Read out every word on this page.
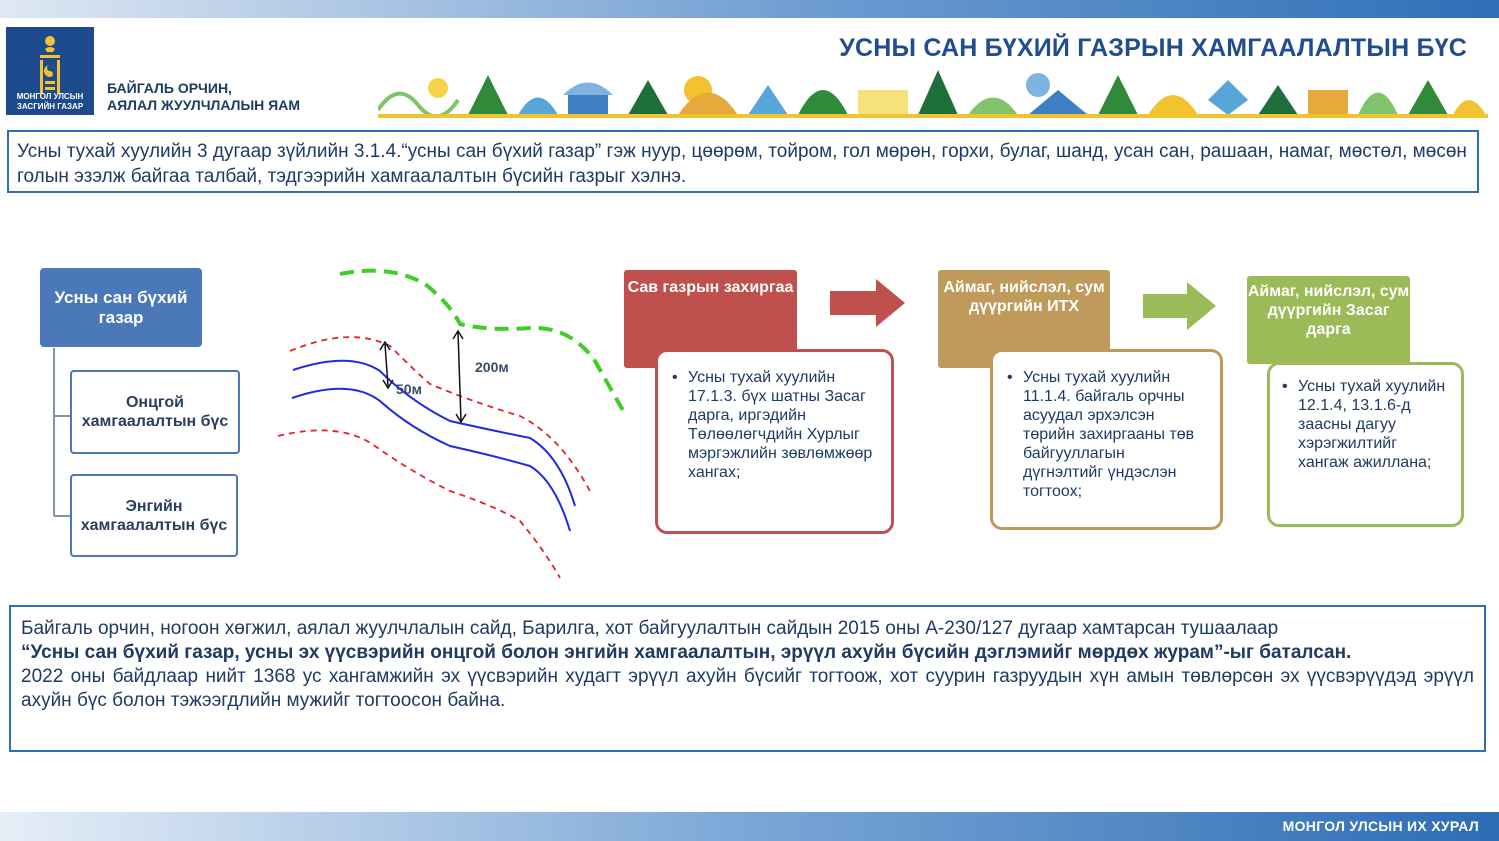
МОНГОЛ УЛСЫН
ЗАСГИЙН ГАЗАР
БАЙГАЛЬ ОРЧИН,
АЯЛАЛ ЖУУЛЧЛАЛЫН ЯАМ
УСНЫ САН БҮХИЙ ГАЗРЫН ХАМГААЛАЛТЫН БҮС
Усны тухай хуулийн 3 дугаар зүйлийн 3.1.4.“усны сан бүхий газар” гэж нуур, цөөрөм, тойром, гол мөрөн, горхи, булаг, шанд, усан сан, рашаан, намаг, мөстөл, мөсөн голын эзэлж байгаа талбай, тэдгээрийн хамгаалалтын бүсийн газрыг хэлнэ.
50м
200м
Усны сан бүхий газар
Онцгой хамгаалалтын бүс
Энгийн хамгаалалтын бүс
Сав газрын захиргаа
• Усны тухай хуулийн 17.1.3. бүх шатны Засаг дарга, иргэдийн Төлөөлөгчдийн Хурлыг мэргэжлийн зөвлөмжөөр хангах;
Аймаг, нийслэл, сум дүүргийн ИТХ
• Усны тухай хуулийн 11.1.4. байгаль орчны асуудал эрхэлсэн төрийн захиргааны төв байгууллагын дүгнэлтийг үндэслэн тогтоох;
Аймаг, нийслэл, сум дүүргийн Засаг дарга
• Усны тухай хуулийн 12.1.4, 13.1.6-д заасны дагуу хэрэгжилтийг хангаж ажиллана;
Байгаль орчин, ногоон хөгжил, аялал жуулчлалын сайд, Барилга, хот байгуулалтын сайдын 2015 оны А-230/127 дугаар хамтарсан тушаалаар
“Усны сан бүхий газар, усны эх үүсвэрийн онцгой болон энгийн хамгаалалтын, эрүүл ахуйн бүсийн дэглэмийг мөрдөх журам”-ыг баталсан.
2022 оны байдлаар нийт 1368 ус хангамжийн эх үүсвэрийн худагт эрүүл ахуйн бүсийг тогтоож, хот суурин газруудын хүн амын төвлөрсөн эх үүсвэрүүдэд эрүүл ахуйн бүс болон тэжээгдлийн мужийг тогтоосон байна.
МОНГОЛ УЛСЫН ИХ ХУРАЛ
